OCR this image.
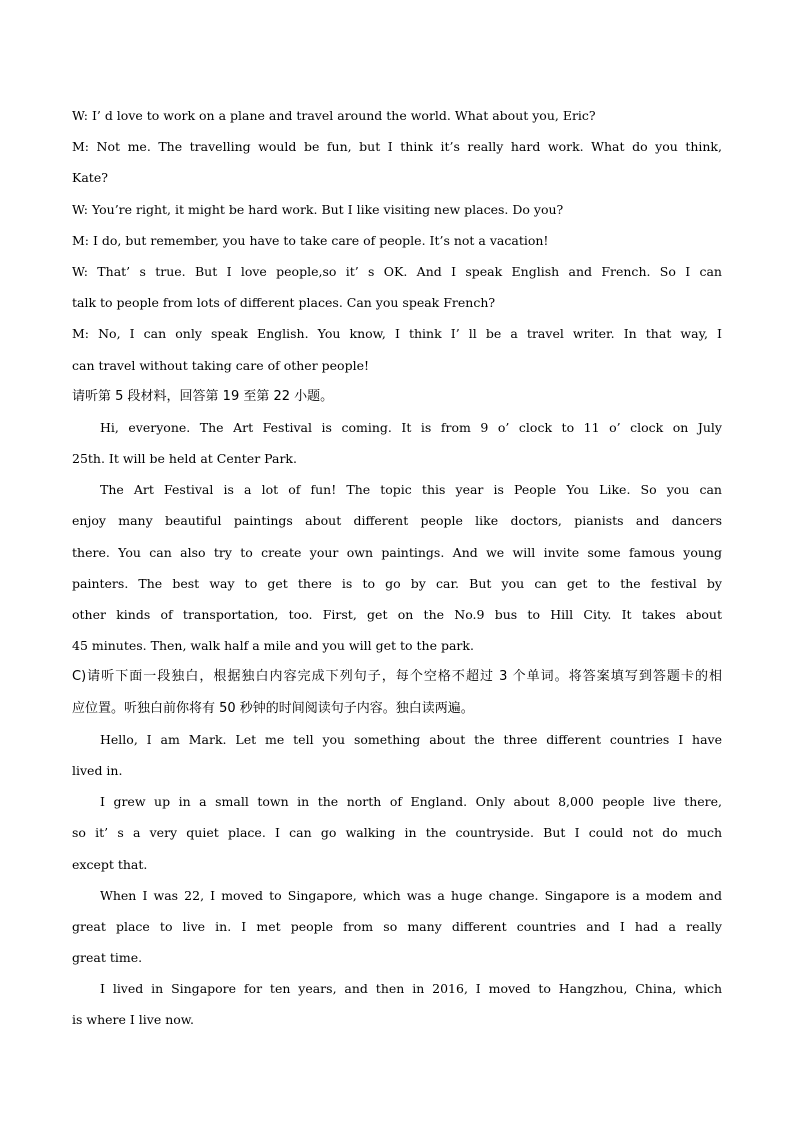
W: I’ d love to work on a plane and travel around the world. What about you, Eric?
M: Not me. The travelling would be fun, but I think it’s really hard work. What do you think,
Kate?
W: You’re right, it might be hard work. But I like visiting new places. Do you?
M: I do, but remember, you have to take care of people. It’s not a vacation!
W: That’ s true. But I love people,so it’ s OK. And I speak English and French. So I can
talk to people from lots of different places. Can you speak French?
M: No, I can only speak English. You know, I think I’ ll be a travel writer. In that way, I
can travel without taking care of other people!
请听第 5 段材料，回答第 19 至第 22 小题。
Hi, everyone. The Art Festival is coming. It is from 9 o’ clock to 11 o’ clock on July
25th. It will be held at Center Park.
The Art Festival is a lot of fun! The topic this year is People You Like. So you can
enjoy many beautiful paintings about different people like doctors, pianists and dancers
there. You can also try to create your own paintings. And we will invite some famous young
painters. The best way to get there is to go by car. But you can get to the festival by
other kinds of transportation, too. First, get on the No.9 bus to Hill City. It takes about
45 minutes. Then, walk half a mile and you will get to the park.
C)请听下面一段独白，根据独白内容完成下列句子，每个空格不超过 3 个单词。将答案填写到答题卡的相
应位置。听独白前你将有 50 秒钟的时间阅读句子内容。独白读两遍。
Hello, I am Mark. Let me tell you something about the three different countries I have
lived in.
I grew up in a small town in the north of England. Only about 8,000 people live there,
so it’ s a very quiet place. I can go walking in the countryside. But I could not do much
except that.
When I was 22, I moved to Singapore, which was a huge change. Singapore is a modem and
great place to live in. I met people from so many different countries and I had a really
great time.
I lived in Singapore for ten years, and then in 2016, I moved to Hangzhou, China, which
is where I live now.
